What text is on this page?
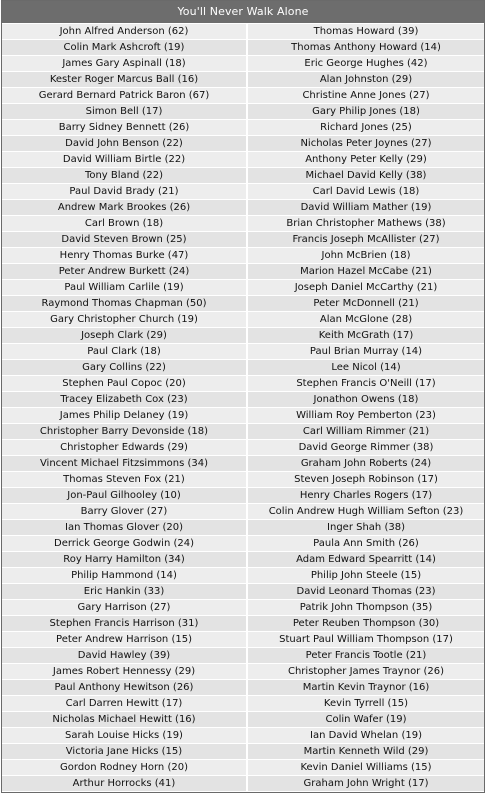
You'll Never Walk Alone
John Alfred Anderson (62)	Thomas Howard (39)
Colin Mark Ashcroft (19)	Thomas Anthony Howard (14)
James Gary Aspinall (18)	Eric George Hughes (42)
Kester Roger Marcus Ball (16)	Alan Johnston (29)
Gerard Bernard Patrick Baron (67)	Christine Anne Jones (27)
Simon Bell (17)	Gary Philip Jones (18)
Barry Sidney Bennett (26)	Richard Jones (25)
David John Benson (22)	Nicholas Peter Joynes (27)
David William Birtle (22)	Anthony Peter Kelly (29)
Tony Bland (22)	Michael David Kelly (38)
Paul David Brady (21)	Carl David Lewis (18)
Andrew Mark Brookes (26)	David William Mather (19)
Carl Brown (18)	Brian Christopher Mathews (38)
David Steven Brown (25)	Francis Joseph McAllister (27)
Henry Thomas Burke (47)	John McBrien (18)
Peter Andrew Burkett (24)	Marion Hazel McCabe (21)
Paul William Carlile (19)	Joseph Daniel McCarthy (21)
Raymond Thomas Chapman (50)	Peter McDonnell (21)
Gary Christopher Church (19)	Alan McGlone (28)
Joseph Clark (29)	Keith McGrath (17)
Paul Clark (18)	Paul Brian Murray (14)
Gary Collins (22)	Lee Nicol (14)
Stephen Paul Copoc (20)	Stephen Francis O'Neill (17)
Tracey Elizabeth Cox (23)	Jonathon Owens (18)
James Philip Delaney (19)	William Roy Pemberton (23)
Christopher Barry Devonside (18)	Carl William Rimmer (21)
Christopher Edwards (29)	David George Rimmer (38)
Vincent Michael Fitzsimmons (34)	Graham John Roberts (24)
Thomas Steven Fox (21)	Steven Joseph Robinson (17)
Jon-Paul Gilhooley (10)	Henry Charles Rogers (17)
Barry Glover (27)	Colin Andrew Hugh William Sefton (23)
Ian Thomas Glover (20)	Inger Shah (38)
Derrick George Godwin (24)	Paula Ann Smith (26)
Roy Harry Hamilton (34)	Adam Edward Spearritt (14)
Philip Hammond (14)	Philip John Steele (15)
Eric Hankin (33)	David Leonard Thomas (23)
Gary Harrison (27)	Patrik John Thompson (35)
Stephen Francis Harrison (31)	Peter Reuben Thompson (30)
Peter Andrew Harrison (15)	Stuart Paul William Thompson (17)
David Hawley (39)	Peter Francis Tootle (21)
James Robert Hennessy (29)	Christopher James Traynor (26)
Paul Anthony Hewitson (26)	Martin Kevin Traynor (16)
Carl Darren Hewitt (17)	Kevin Tyrrell (15)
Nicholas Michael Hewitt (16)	Colin Wafer (19)
Sarah Louise Hicks (19)	Ian David Whelan (19)
Victoria Jane Hicks (15)	Martin Kenneth Wild (29)
Gordon Rodney Horn (20)	Kevin Daniel Williams (15)
Arthur Horrocks (41)	Graham John Wright (17)
